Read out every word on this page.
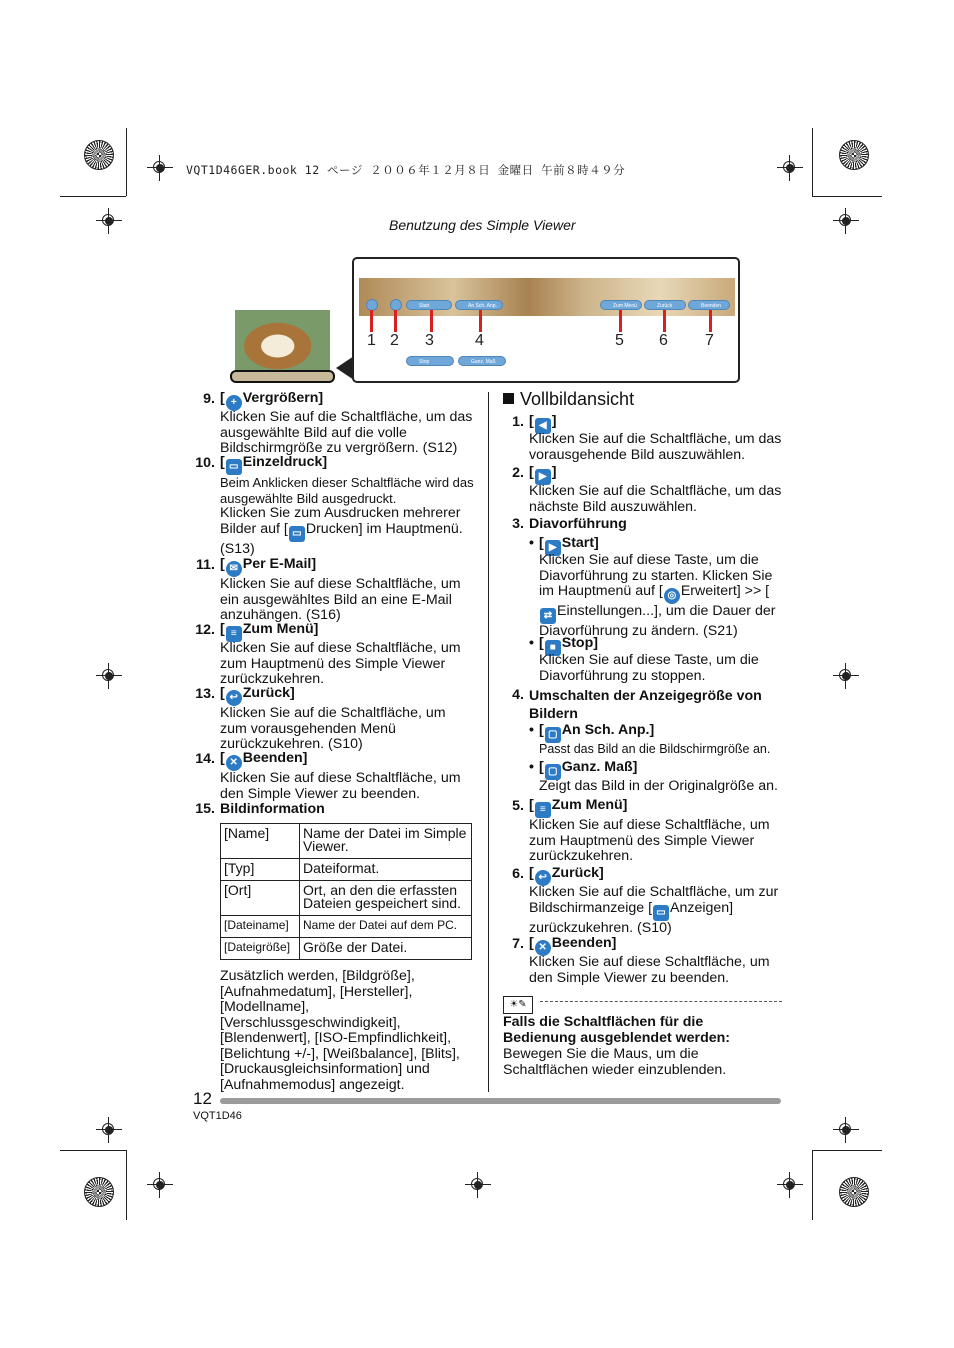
VQT1D46GER.book 12 ページ ２００６年１２月８日 金曜日 午前８時４９分
Benutzung des Simple Viewer
Start	An Sch. Anp.	Zum Menü	Zurück	Beenden
Stop	Ganz. Maß
1 2 3	4	5 6 7
9. [ + Vergrößern]
Klicken Sie auf die Schaltfläche, um das ausgewählte Bild auf die volle Bildschirmgröße zu vergrößern. (S12)
10. [ ▭ Einzeldruck]
Beim Anklicken dieser Schaltfläche wird das ausgewählte Bild ausgedruckt.
Klicken Sie zum Ausdrucken mehrerer Bilder auf [ ▭ Drucken] im Hauptmenü. (S13)
11. [ ✉ Per E-Mail]
Klicken Sie auf diese Schaltfläche, um ein ausgewähltes Bild an eine E-Mail anzuhängen. (S16)
12. [ ≡ Zum Menü]
Klicken Sie auf diese Schaltfläche, um zum Hauptmenü des Simple Viewer zurückzukehren.
13. [ ↩ Zurück]
Klicken Sie auf die Schaltfläche, um zum vorausgehenden Menü zurückzukehren. (S10)
14. [ ✕ Beenden]
Klicken Sie auf diese Schaltfläche, um den Simple Viewer zu beenden.
15. Bildinformation
[Name]	Name der Datei im Simple Viewer.
[Typ]	Dateiformat.
[Ort]	Ort, an den die erfassten Dateien gespeichert sind.
[Dateiname]	Name der Datei auf dem PC.
[Dateigröße]	Größe der Datei.
Zusätzlich werden, [Bildgröße], [Aufnahmedatum], [Hersteller], [Modellname], [Verschlussgeschwindigkeit], [Blendenwert], [ISO-Empfindlichkeit], [Belichtung +/-], [Weißbalance], [Blits], [Druckausgleichsinformation] und [Aufnahmemodus] angezeigt.
Vollbildansicht
1. [ ◀ ]
Klicken Sie auf die Schaltfläche, um das vorausgehende Bild auszuwählen.
2. [ ▶ ]
Klicken Sie auf die Schaltfläche, um das nächste Bild auszuwählen.
3. Diavorführung
• [ ▶ Start]
Klicken Sie auf diese Taste, um die Diavorführung zu starten. Klicken Sie im Hauptmenü auf [ ◎ Erweitert] >> [⇄ Einstellungen...], um die Dauer der Diavorführung zu ändern. (S21)
• [ ■ Stop]
Klicken Sie auf diese Taste, um die Diavorführung zu stoppen.
4. Umschalten der Anzeigegröße von Bildern
• [ ▢ An Sch. Anp.]
Passt das Bild an die Bildschirmgröße an.
• [ ▢ Ganz. Maß]
Zeigt das Bild in der Originalgröße an.
5. [ ≡ Zum Menü]
Klicken Sie auf diese Schaltfläche, um zum Hauptmenü des Simple Viewer zurückzukehren.
6. [ ↩ Zurück]
Klicken Sie auf die Schaltfläche, um zur Bildschirmanzeige [ ▭ Anzeigen] zurückzukehren. (S10)
7. [ ✕ Beenden]
Klicken Sie auf diese Schaltfläche, um den Simple Viewer zu beenden.
☀✎
Falls die Schaltflächen für die Bedienung ausgeblendet werden:
Bewegen Sie die Maus, um die Schaltflächen wieder einzublenden.
12
VQT1D46
